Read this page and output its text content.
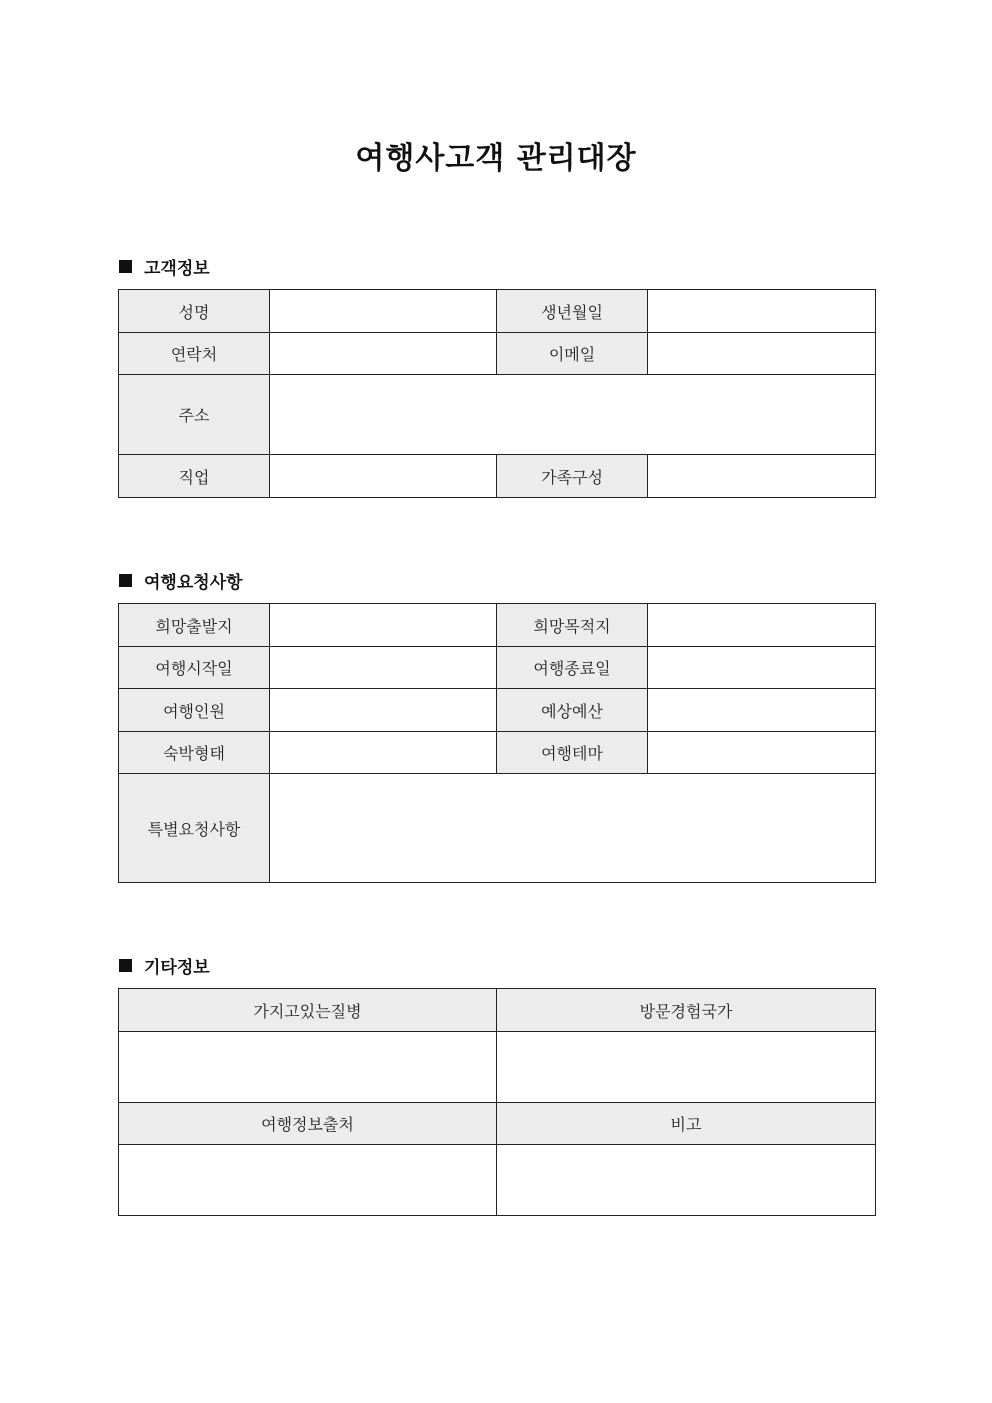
여행사고객 관리대장
고객정보
성명		생년월일	
연락처		이메일	
주소			
직업		가족구성	
여행요청사항
희망출발지		희망목적지	
여행시작일		여행종료일	
여행인원		예상예산	
숙박형태		여행테마	
특별요청사항			
기타정보
가지고있는질병	방문경험국가

여행정보출처	비고
